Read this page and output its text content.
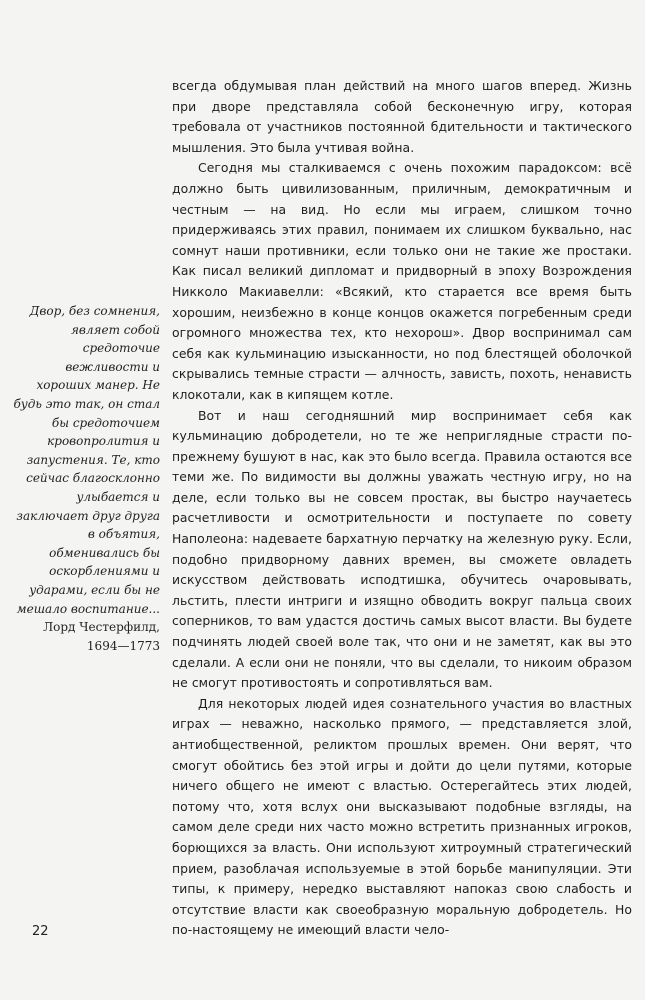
Двор, без сомнения, являет собой средоточие вежливости и хороших манер. Не будь это так, он стал бы средоточием кровопролития и запустения. Те, кто сейчас благосклонно улыбается и заключает друг друга в объятия, обменивались бы оскорблениями и ударами, если бы не мешало воспитание...

Лорд Честерфилд,
1694—1773

всегда обдумывая план действий на много шагов вперед. Жизнь при дворе представляла собой бесконечную игру, которая требовала от участников постоянной бдительности и тактического мышления. Это была учтивая война.

Сегодня мы сталкиваемся с очень похожим парадоксом: всё должно быть цивилизованным, приличным, демократичным и честным — на вид. Но если мы играем, слишком точно придерживаясь этих правил, понимаем их слишком буквально, нас сомнут наши противники, если только они не такие же простаки. Как писал великий дипломат и придворный в эпоху Возрождения Никколо Макиавелли: «Всякий, кто старается все время быть хорошим, неизбежно в конце концов окажется погребенным среди огромного множества тех, кто нехорош». Двор воспринимал сам себя как кульминацию изысканности, но под блестящей оболочкой скрывались темные страсти — алчность, зависть, похоть, ненависть клокотали, как в кипящем котле.

Вот и наш сегодняшний мир воспринимает себя как кульминацию добродетели, но те же неприглядные страсти по-прежнему бушуют в нас, как это было всегда. Правила остаются все теми же. По видимости вы должны уважать честную игру, но на деле, если только вы не совсем простак, вы быстро научаетесь расчетливости и осмотрительности и поступаете по совету Наполеона: надеваете бархатную перчатку на железную руку. Если, подобно придворному давних времен, вы сможете овладеть искусством действовать исподтишка, обучитесь очаровывать, льстить, плести интриги и изящно обводить вокруг пальца своих соперников, то вам удастся достичь самых высот власти. Вы будете подчинять людей своей воле так, что они и не заметят, как вы это сделали. А если они не поняли, что вы сделали, то никоим образом не смогут противостоять и сопротивляться вам.

Для некоторых людей идея сознательного участия во властных играх — неважно, насколько прямого, — представляется злой, антиобщественной, реликтом прошлых времен. Они верят, что смогут обойтись без этой игры и дойти до цели путями, которые ничего общего не имеют с властью. Остерегайтесь этих людей, потому что, хотя вслух они высказывают подобные взгляды, на самом деле среди них часто можно встретить признанных игроков, борющихся за власть. Они используют хитроумный стратегический прием, разоблачая используемые в этой борьбе манипуляции. Эти типы, к примеру, нередко выставляют напоказ свою слабость и отсутствие власти как своеобразную моральную добродетель. Но по-настоящему не имеющий власти чело-

22
